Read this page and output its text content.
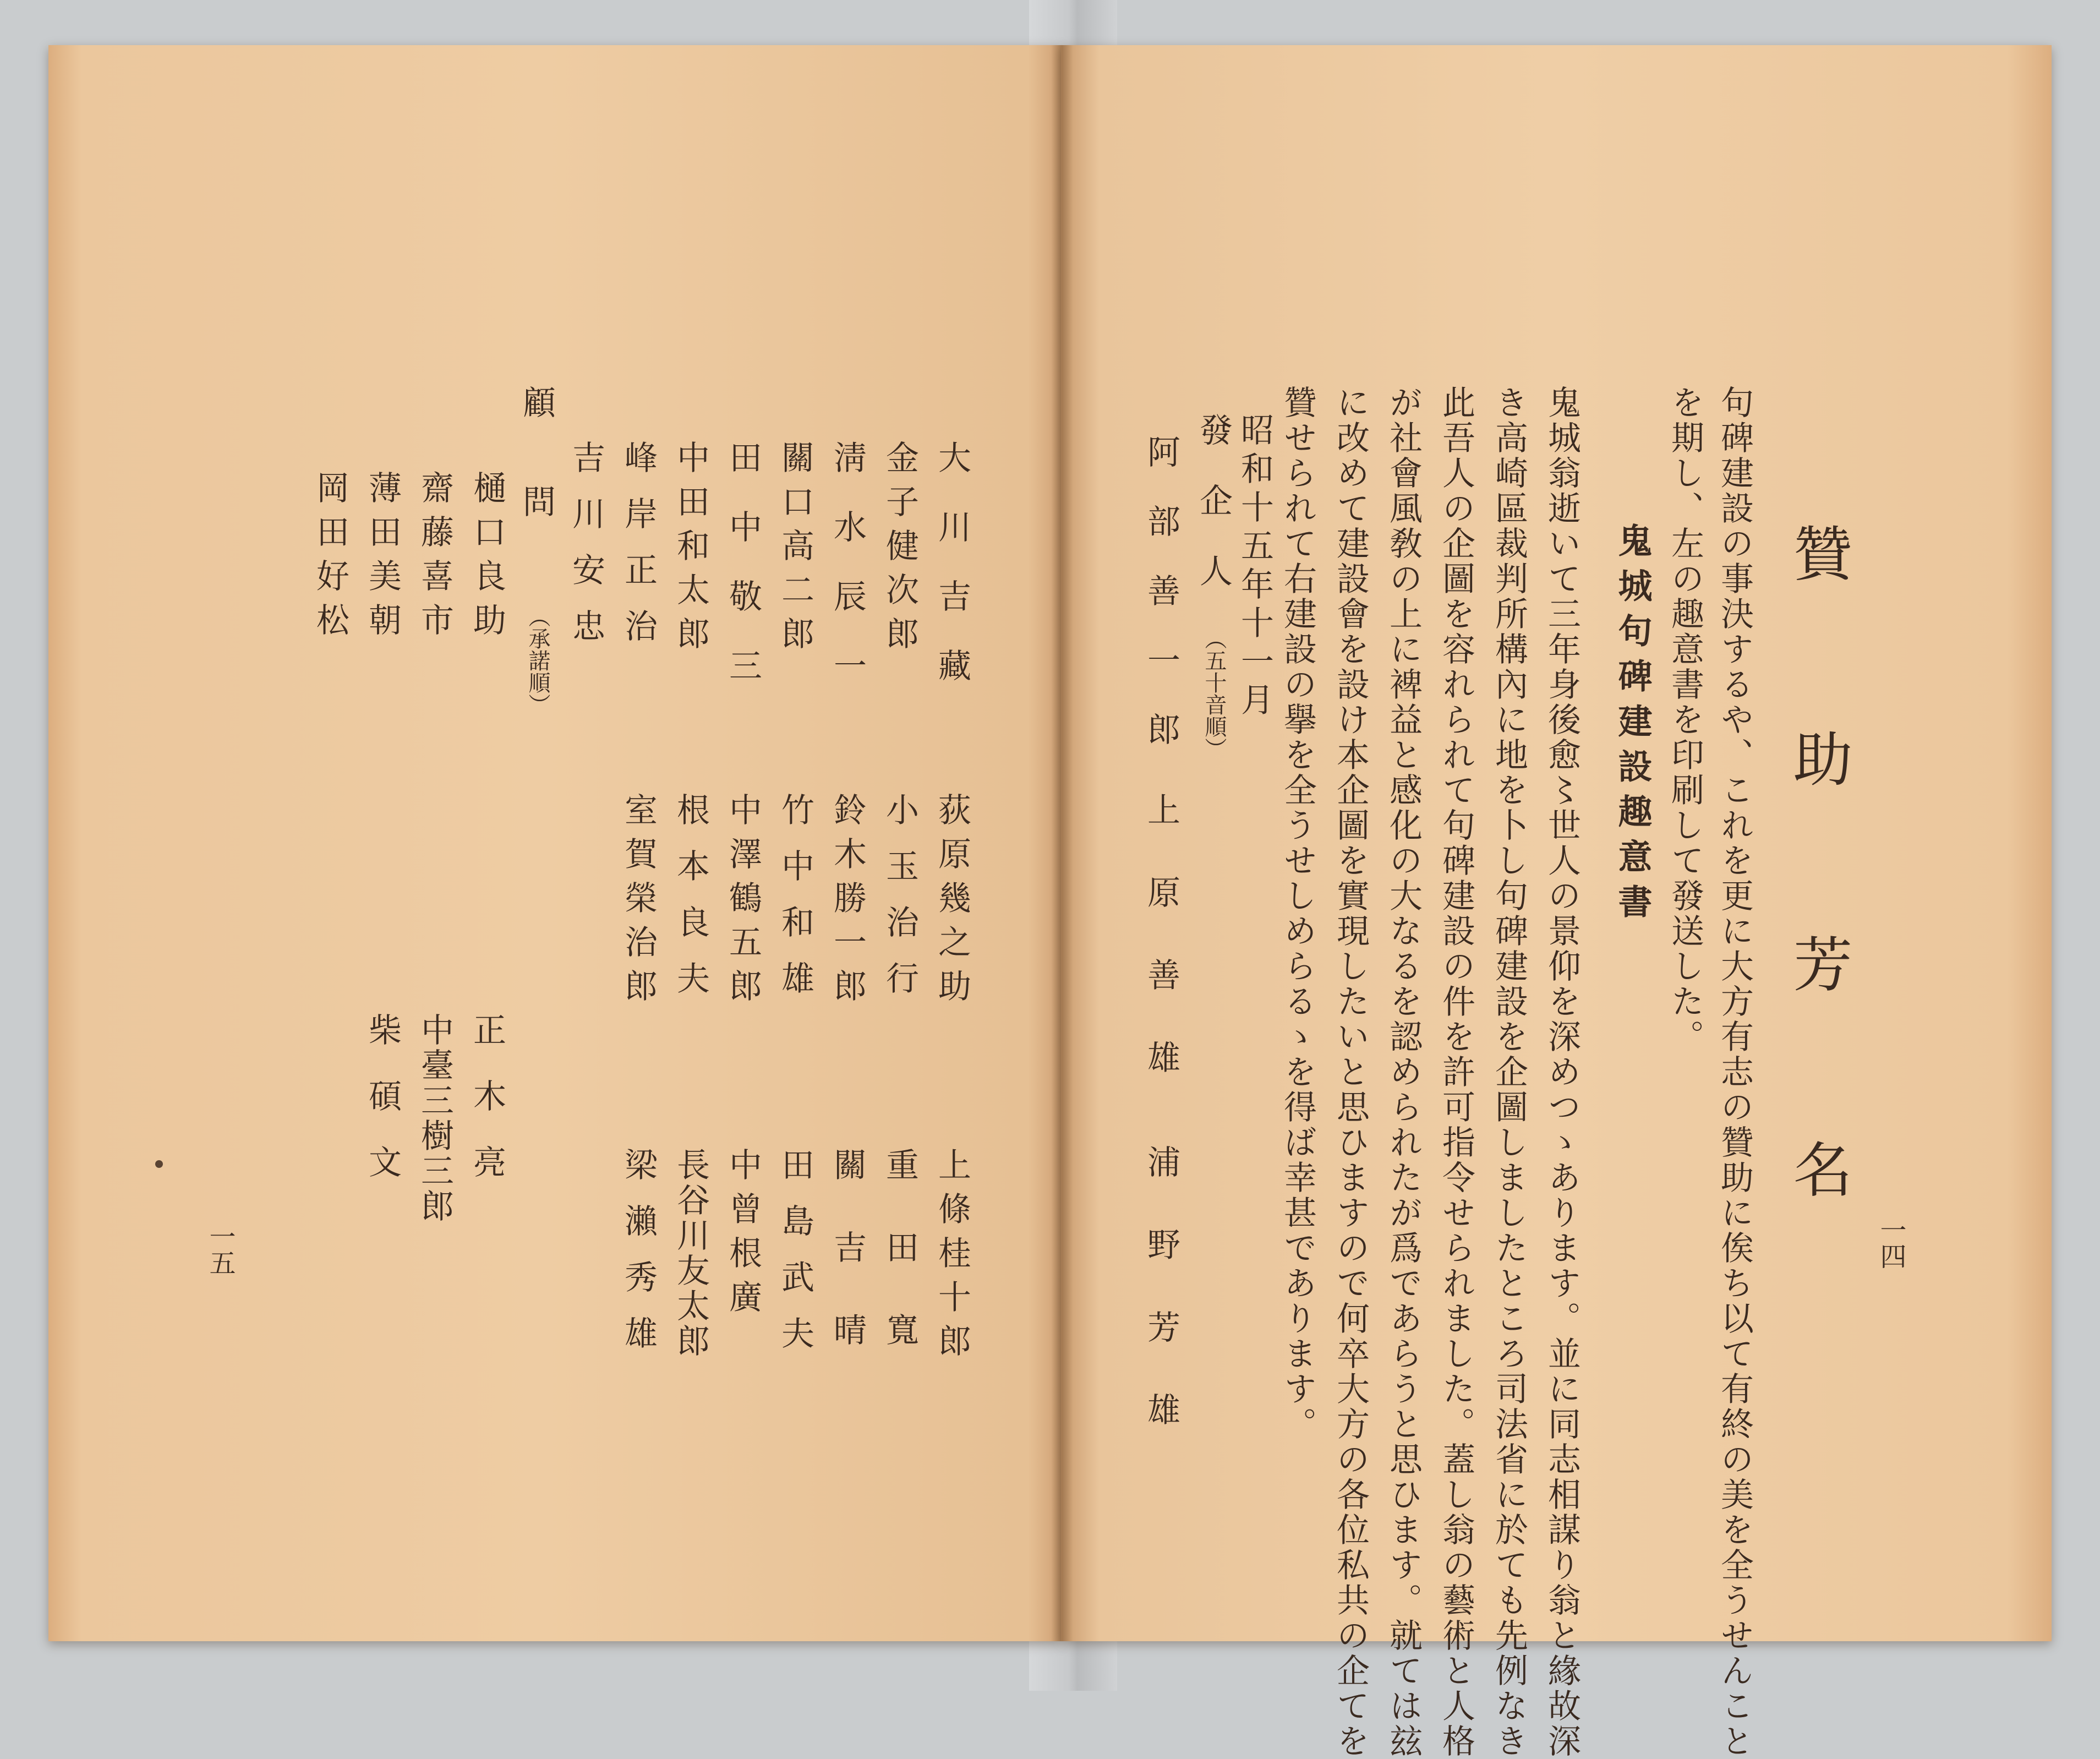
贊 助 芳 名
句碑建設の事決するや、これを更に大方有志の贊助に俟ち以て有終の美を全うせんこと
を期し、左の趣意書を印刷して發送した。
鬼城句碑建設趣意書
鬼城翁逝いて三年身後愈〻世人の景仰を深めつゝあります。並に同志相謀り翁と緣故深
き高崎區裁判所構內に地を卜し句碑建設を企圖しましたところ司法省に於ても先例なき
此吾人の企圖を容れられて句碑建設の件を許可指令せられました。蓋し翁の藝術と人格
が社會風敎の上に裨益と感化の大なるを認められたが爲であらうと思ひます。就ては玆
に改めて建設會を設け本企圖を實現したいと思ひますので何卒大方の各位私共の企てを
贊せられて右建設の擧を全うせしめらるゝを得ば幸甚であります。
昭和十五年十一月
發　企　人
（五十音順）
阿部善一郎
上原善雄
浦野芳雄	一四
大川吉藏
荻原幾之助
上條桂十郎
金子健次郎
小玉治行
重田寬
淸水辰一
鈴木勝一郎
關吉晴
關口高二郎
竹中和雄
田島武夫
田中敬三
中澤鶴五郎
中曾根廣
中田和太郎
根本良夫
長谷川友太郎
峰岸正治
室賀榮治郎
梁瀨秀雄
吉川安忠
顧　　問
（承諾順）
樋口良助
正木亮
齋藤喜市
中臺三樹三郎
薄田美朝
柴碩文
岡田好松
一五
